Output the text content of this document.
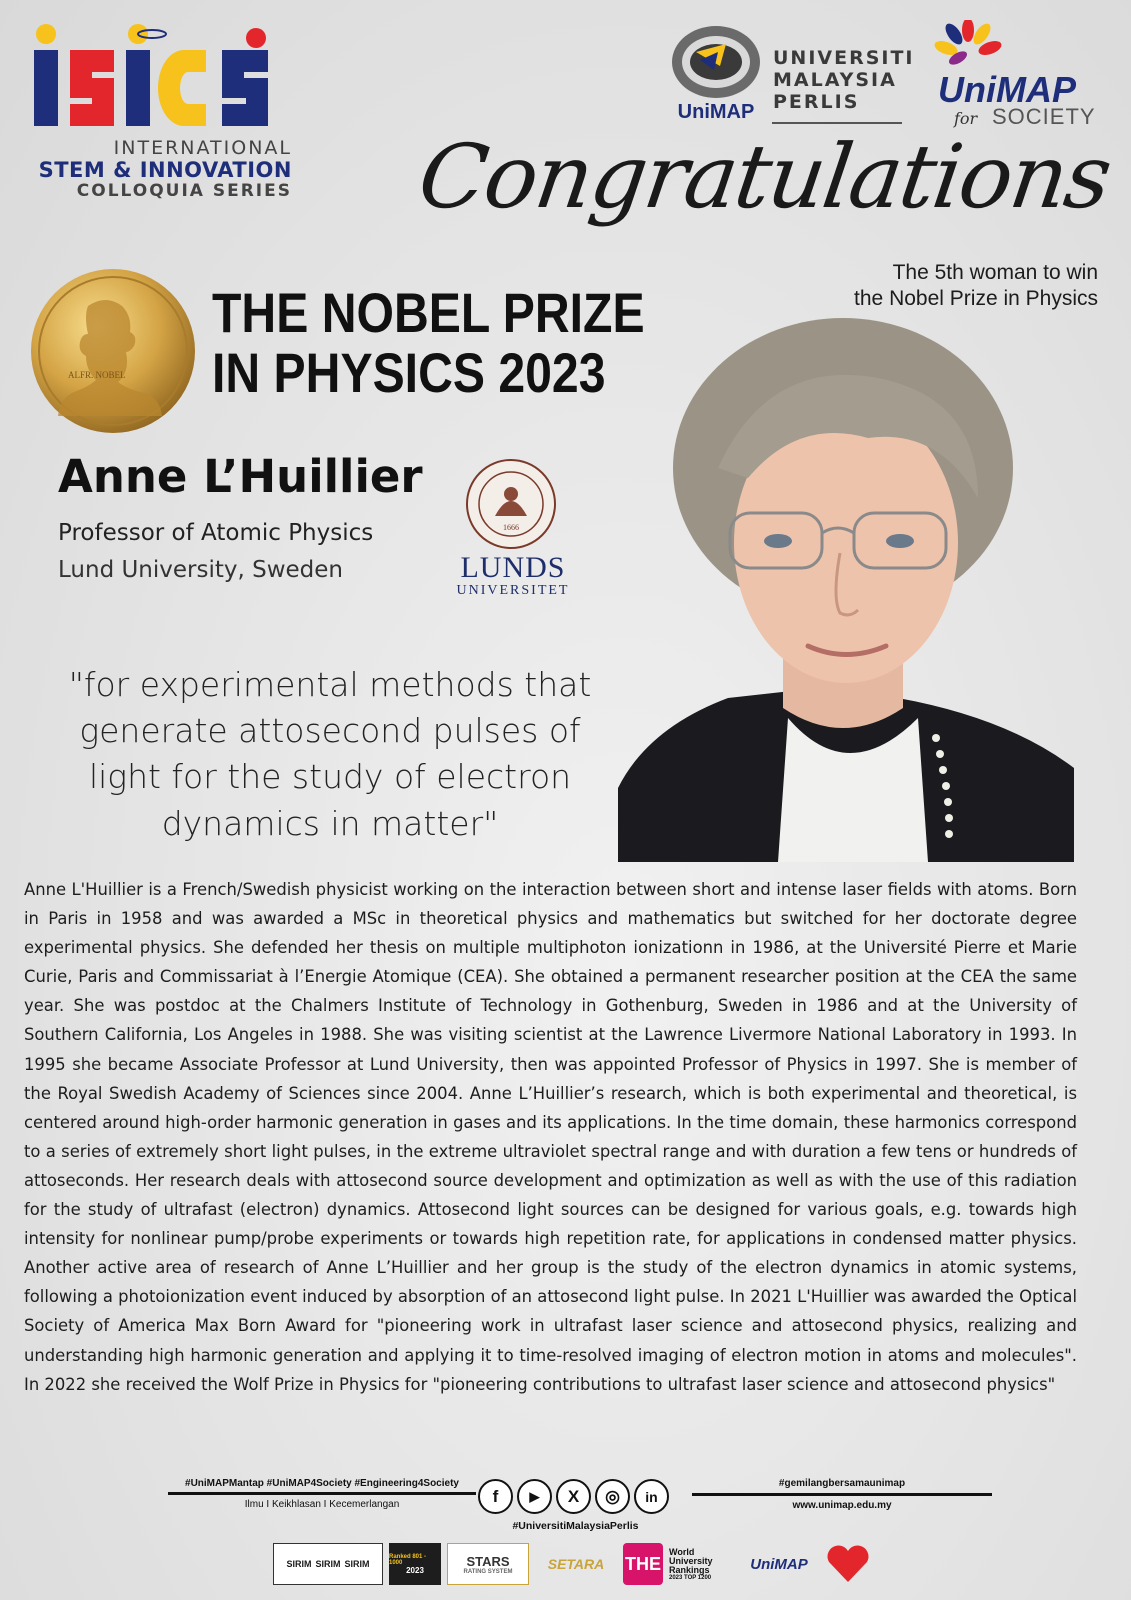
INTERNATIONAL
STEM & INNOVATION
COLLOQUIA SERIES
UniMAP
UNIVERSITI
MALAYSIA
PERLIS	UniMAP
for SOCIETY
Congratulations
The 5th woman to win
the Nobel Prize in Physics
ALFR. NOBEL
THE NOBEL PRIZE
IN PHYSICS 2023
Anne L’Huillier
Professor of Atomic Physics
Lund University, Sweden
1666
LUNDS
UNIVERSITET
"for experimental methods that generate attosecond pulses of light for the study of electron dynamics in matter"
Anne L'Huillier is a French/Swedish physicist working on the interaction between short and intense laser fields with atoms. Born in Paris in 1958 and was awarded a MSc in theoretical physics and mathematics but switched for her doctorate degree experimental physics. She defended her thesis on multiple multiphoton ionizationn in 1986, at the Université Pierre et Marie Curie, Paris and Commissariat à l’Energie Atomique (CEA). She obtained a permanent researcher position at the CEA the same year. She was postdoc at the Chalmers Institute of Technology in Gothenburg, Sweden in 1986 and at the University of Southern California, Los Angeles in 1988. She was visiting scientist at the Lawrence Livermore National Laboratory in 1993. In 1995 she became Associate Professor at Lund University, then was appointed Professor of Physics in 1997. She is member of the Royal Swedish Academy of Sciences since 2004. Anne L’Huillier’s research, which is both experimental and theoretical, is centered around high-order harmonic generation in gases and its applications. In the time domain, these harmonics correspond to a series of extremely short light pulses, in the extreme ultraviolet spectral range and with duration a few tens or hundreds of attoseconds. Her research deals with attosecond source development and optimization as well as with the use of this radiation for the study of ultrafast (electron) dynamics. Attosecond light sources can be designed for various goals, e.g. towards high intensity for nonlinear pump/probe experiments or towards high repetition rate, for applications in condensed matter physics. Another active area of research of Anne L’Huillier and her group is the study of the electron dynamics in atomic systems, following a photoionization event induced by absorption of an attosecond light pulse. In 2021 L'Huillier was awarded the Optical Society of America Max Born Award for "pioneering work in ultrafast laser science and attosecond physics, realizing and understanding high harmonic generation and applying it to time-resolved imaging of electron motion in atoms and molecules". In 2022 she received the Wolf Prize in Physics for "pioneering contributions to ultrafast laser science and attosecond physics"
#UniMAPMantap #UniMAP4Society #Engineering4Society
Ilmu I Keikhlasan I Kecemerlangan	f	▶	X	◎	in
#UniversitiMalaysiaPerlis
#gemilangbersamaunimap
www.unimap.edu.my
SIRIM SIRIM SIRIM
Ranked 801 - 1000
2023
STARS
RATING SYSTEM	SETARA	THE
World
University
Rankings
2023 TOP 1200
UniMAP
